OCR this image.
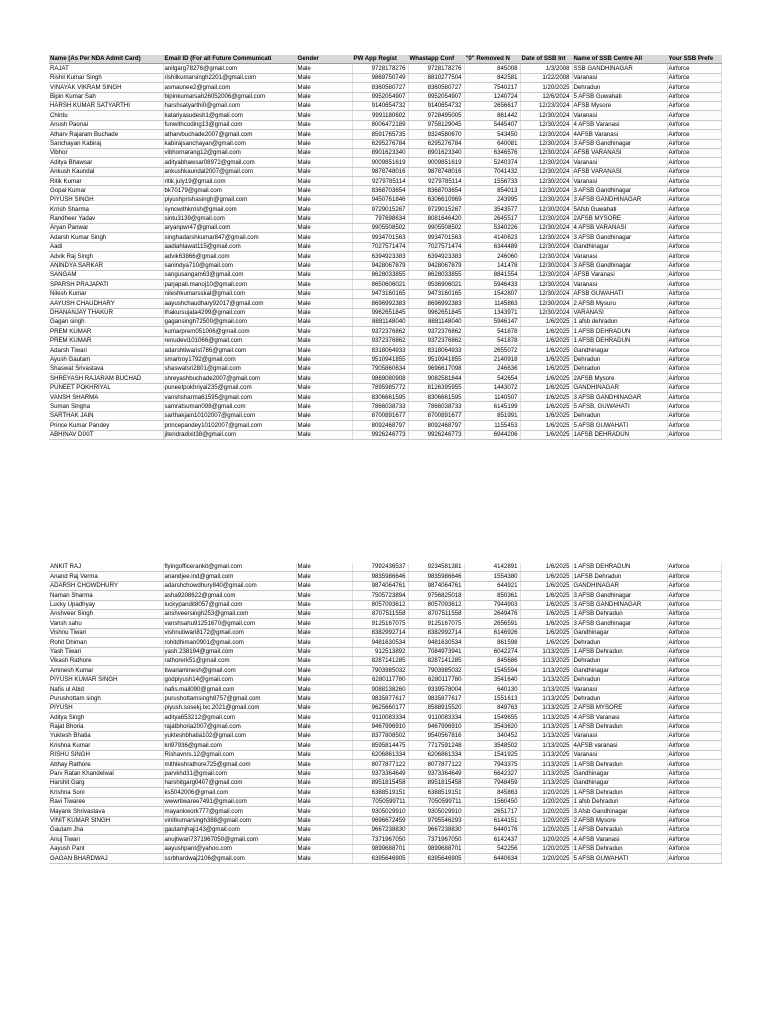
Name (As Per NDA Admit Card)	Email ID (For all Future Communicati	Gender	PW App Regist	Whastapp Conf	"0" Removed N	Date of SSB Int	Name of SSB Centre All	Your SSB Prefe
RAJAT	anilgarg78276@gmail.com	Male	9728178276	9728178276	845008	1/3/2008	SSB GANDHINAGAR	Airforce
Rishil Kumar Singh	rishilkumarsingh2201@gmail.com	Male	9869750749	8810277504	842581	1/22/2008	Varanasi	Airforce
VINAYAK VIKRAM SINGH	asmaunee2@gmail.com	Male	8360580727	8360580727	7540217	1/20/2025	Dehradun	Airforce
Bipin Kumar Sah	bipinkumarsah26052006@gmail.com	Male	9952054907	9952054907	1240724	12/6/2024	5 AFSB Guwahati	Airforce
HARSH KUMAR SATYARTHI	harshsatyarthi0@gmail.com	Male	9140654732	9140654732	2656617	12/23/2024	AFSB Mysore	Airforce
Chintu	katariyasudesh1@gmail.com	Male	9991180602	9728495005	861442	12/30/2024	Varanasi	Airforce
Anush Paonai	funwithcoding13@gmail.com	Male	8006472189	9758129045	5445407	12/30/2024	4 AFSB Varanasi	Airforce
Atharv Rajaram Buchade	atharvbuchade2007@gmail.com	Male	8591765735	9324580670	543450	12/30/2024	4AFSB Varanasi	Airforce
Sanchayan Kabiraj	kabirajsanchayan@gmail.com	Male	6295276784	6295276784	640081	12/30/2024	3 AFSB Gandhinagar	Airforce
Vibhor	vibhornarang12@gmail.com	Male	8901623340	8901623340	6346576	12/30/2024	AFSB VARANASI	Airforce
Aditya Bhawsar	adityabhawsar08972@gmail.com	Male	9009851619	9009851619	5240374	12/30/2024	Varanasi	Airforce
Ankush Kaundal	ankushkaundal2007@gmail.com	Male	9878748016	9878748016	7041432	12/30/2024	AFSB VARANASI	Airforce
Ritik Kumar	ritik.july19@gmail.com	Male	9279785114	9279785114	1556733	12/30/2024	Varanasi	Airforce
Gopal Kumar	bk70179@gmail.com	Male	8368703654	8368703654	854013	12/30/2024	3 AFSB Gandhinagar	Airforce
PIYUSH SINGH	piyushprishasingh@gmail.com	Male	9450761846	6306610969	243995	12/30/2024	3 AFSB GANDHINAGAR	Airforce
Krrish Sharma	syncwithkrrish@gmail.com	Male	9729015267	9729015267	3543577	12/30/2024	5Afsb Guwahati	Airforce
Randheer Yadav	sintu3139@gmail.com	Male	797698634	8081646420	2645517	12/30/2024	2AFSB MYSORE	Airforce
Aryan Panwar	aryanpwr47@gmail.com	Male	9905508502	9905508502	5340226	12/30/2024	4 AFSB VARANASI	Airforce
Adarsh Kumar Singh	singhadarshkumar847@gmail.com	Male	9934701563	9934701563	4140623	12/30/2024	3 AFSB Gandhinagar	Airforce
Aadi	aadiahlawat115@gmail.com	Male	7027571474	7027571474	6344489	12/30/2024	Gandhinagar	Airforce
Advik Raj Singh	advik63866@gmail.com	Male	6394923383	6394923383	246060	12/30/2024	Varanasi	Airforce
ANINDYA SARKAR	sanindya710@gmail.com	Male	9428067879	9428067879	141478	12/30/2024	3 AFSB Gandhinagar	Airforce
SANGAM	sangusangam63@gmail.com	Male	8628033855	8628033855	8841554	12/30/2024	AFSB Varanasi	Airforce
SPARSH PRAJAPATI	parjapati.manoj10@gmail.com	Male	8650606021	9536906021	5946433	12/30/2024	Varanasi	Airforce
Nilesh Kumar	nileshkumarsskal@gmail.com	Male	9473160165	9473160165	1542807	12/30/2024	AFSB GUWAHATI	Airforce
AAYUSH CHAUDHARY	aayushchaudhary92017@gmail.com	Male	8696992383	8696992383	1145863	12/30/2024	2 AFSB Mysuru	Airforce
DHANANJAY THAKUR	thakursujata4299@gmail.com	Male	9962651845	9962651845	1343971	12/30/2024	VARANASI	Airforce
Gagan singh	gagansingh72500@gmail.com	Male	8881148040	8881148040	5946147	1/6/2025	1 afsb dehradun	Airforce
PREM KUMAR	kumarprem051006@gmail.com	Male	9372376862	9372376862	541878	1/6/2025	1 AFSB DEHRADUN	Airforce
PREM KUMAR	renudevi101066@gmail.com	Male	9372376862	9372376862	541878	1/6/2025	1 AFSB DEHRADUN	Airforce
Adarsh Tiwari	adarshtiwarist786@gmail.com	Male	8318064933	8318064933	2655072	1/6/2025	Gandhinagar	Airforce
Ayush Gautam	smartroy1792@gmail.com	Male	9510941855	9510941855	2140918	1/6/2025	Dehradun	Airforce
Shaswat Srivastava	shaswatsri2801@gmail.com	Male	7905860634	9696617098	246636	1/6/2025	Dehradun	Airforce
SHREYASH RAJARAM BUCHAD	shreyashbuchade2007@gmail.com	Male	9869080908	9082581844	542654	1/6/2025	2AFSB Mysore	Airforce
PUNEET POKHRIYAL	puneetpokhriyal235@gmail.com	Male	7895985772	8126395955	1443072	1/6/2025	GANDHINAGAR	Airforce
VANSH SHARMA	vanshsharma61595@gmail.com	Male	8306661595	8306661595	1140507	1/6/2025	3 AFSB GANDHINAGAR	Airforce
Suman Singha	samratsuman098@gmail.com	Male	7866038733	7866038733	6145199	1/6/2025	5 AFSB, GUWAHATI	Airforce
SARTHAK JAIN	sarthakjain10102007@gmail.com	Male	8700891677	8700891677	851991	1/6/2025	Dehradun	Airforce
Prince Kumar Pandey	princepandey10102007@gmail.com	Male	8092468797	8092468797	1155453	1/6/2025	5 AFSB GUWAHATI	Airforce
ABHINAV DIXIT	jitendradixit38@gmail.com	Male	9926246773	9926246773	6944206	1/6/2025	1AFSB DEHRADUN	Airforce
ANKIT RAJ	flyingofficerankit@gmail.com	Male	7992436537	9234581381	4142891	1/6/2025	1 AFSB DEHRADUN	Airforce
Anand Raj Verma	anandjee.ind@gmail.com	Male	9835986646	9835986646	1554380	1/6/2025	1AFSB Dehradun	Airforce
ADARSH CHOWDHURY	adarshchowdhury840@gmail.com	Male	9874064761	9874064761	644921	1/6/2025	GANDHINAGAR	Airforce
Naman Sharma	asha9208622@gmail.com	Male	7505723894	9756825018	850361	1/6/2025	3 AFSB Gandhinagar	Airforce
Lucky Upadhyay	luckypandit8057@gmail.com	Male	8057093612	8057093612	7944903	1/6/2025	3 AFSB GANDHINAGAR	Airforce
Anshveer Singh	anshveersingh253@gmail.com	Male	8707511558	8707511558	2649476	1/6/2025	1 AFSB Dehradun	Airforce
Vansh sahu	vanshsahu91251670@gmail.com	Male	9125167075	9125167075	2656591	1/6/2025	3 AFSB Gandhinagar	Airforce
Vishnu Tiwari	vishnutiwari8172@gmail.com	Male	8382992714	8382992714	6146926	1/6/2025	Gandhinagar	Airforce
Rohit Dhiman	rohitdhiman0901@gmail.com	Male	9481630534	9481630534	861598	1/6/2025	Dehradun	Airforce
Yash Tiwari	yash.238194@gmail.com	Male	912513892	7084973941	6042274	1/13/2025	1 AFSB Dehradun	Airforce
Vikash Rathore	rathorerk51@gmail.com	Male	8287141285	8287141285	845686	1/13/2025	Dehradun	Airforce
Aminesh Kumar	tiwariaminesh@gmail.com	Male	7903985032	7903985032	1545594	1/13/2025	Gandhinagar	Airforce
PIYUSH KUMAR SINGH	godpiyush14@gmail.com	Male	6280117780	6280117780	3541640	1/13/2025	Dehradun	Airforce
Nafis ul Abid	nafis.mail090@gmail.com	Male	9088138260	9339578004	640130	1/13/2025	Varanasi	Airforce
Purushottam singh	purushottamsingh8757@gmail.com	Male	9835877617	9835877617	1551613	1/13/2025	Dehradun	Airforce
PIYUSH	piyush.sosekj.lxc.2021@gmail.com	Male	9625660177	8588915520	849763	1/13/2025	2 AFSB MYSORE	Airforce
Aditya Singh	aditya653212@gmail.com	Male	9110083334	9110083334	1549655	1/13/2025	4 AFSB Varanasi	Airforce
Rajat Bhoria	rajatbhoria2007@gmail.com	Male	9467996910	9467996910	3543620	1/13/2025	1 AFSB Dehradun	Airforce
Yuktesh Bhatia	yukteshbhatia102@gmail.com	Male	8377808502	9540567816	340452	1/13/2025	Varanasi	Airforce
Krishna Kumar	kri97936@gmail.com	Male	8595814475	7717591248	3548502	1/13/2025	4AFSB varanasi	Airforce
RISHU SINGH	Rishavnrs.12@gmail.com	Male	6206861334	6206861334	1541925	1/13/2025	Varanasi	Airforce
Abhay Rathore	mithleshrathore725@gmail.com	Male	8077877122	8077877122	7943375	1/13/2025	1 AFSB Dehradun	Airforce
Parv Ratan Khandelwal	parvkhd31@gmail.com	Male	9373364649	9373364649	6642327	1/13/2025	Gandhinagar	Airforce
Harshit Garg	harshitgarg0407@gmail.com	Male	8951815458	8951815458	7948459	1/13/2025	Gandhinagar	Airforce
Krishna Soni	ks5042006@gmail.com	Male	6388519151	6388519151	845863	1/20/2025	1 AFSB Dehradun	Airforce
Ravi Tiwaree	wwwrtiwaree7491@gmail.com	Male	7050599711	7050599711	1560450	1/20/2025	1 afsb Dehradun	Airforce
Mayank Shrivastava	mayankwork777@gmail.com	Male	9305029910	9305029910	2651717	1/20/2025	3 Afsb Gandhinagar	Airforce
VINIT KUMAR SINGH	vinitkumarsingh388@gmail.com	Male	9696672459	9795546293	6144151	1/20/2025	2 AFSB Mysore	Airforce
Gautam Jha	gautamjhaji143@gmail.com	Male	9667238830	9667238830	6440176	1/20/2025	1 AFSB Dehradun	Airforce
Anuj Tiwari	anujtiwari7371967050@gmail.com	Male	7371967050	7371967050	6142437	1/20/2025	4 AFSB Varanasi	Airforce
Aayush Pant	aayushpant@yahoo.com	Male	9899688701	9899688701	542256	1/20/2025	1 AFSB Dehradun	Airforce
GAGAN BHARDWAJ	ssrbhardwaj2106@gmail.com	Male	6395646905	6395646905	6440634	1/20/2025	5 AFSB GUWAHATI	Airforce
